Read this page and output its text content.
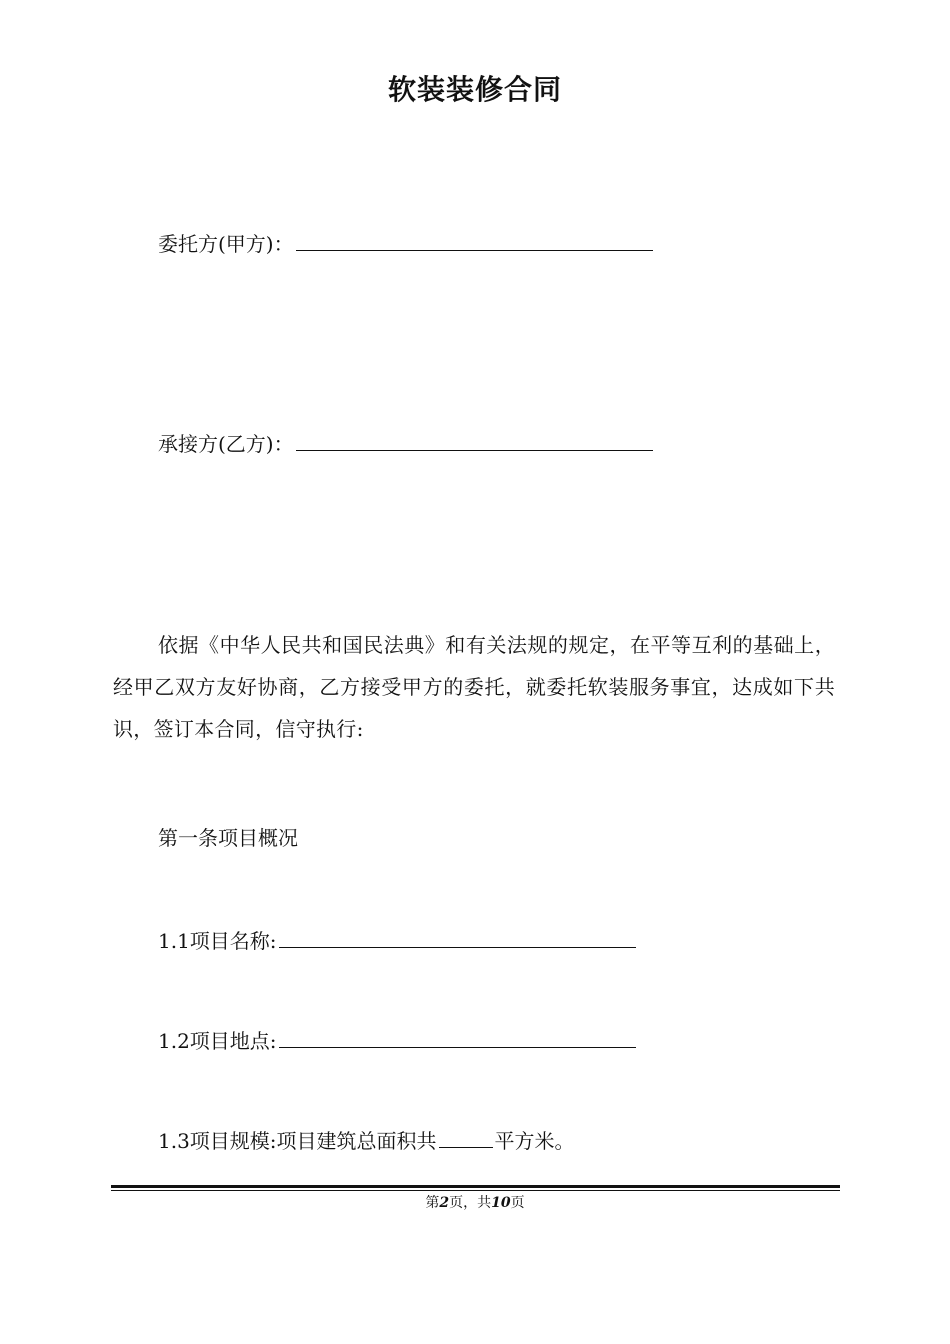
软装装修合同
委托方(甲方)：
承接方(乙方)：
依据《中华人民共和国民法典》和有关法规的规定，在平等互利的基础上，经甲乙双方友好协商，乙方接受甲方的委托，就委托软装服务事宜，达成如下共识，签订本合同，信守执行:
第一条项目概况
1.1项目名称:
1.2项目地点:
1.3项目规模:项目建筑总面积共	平方米。
第2页，共10页
